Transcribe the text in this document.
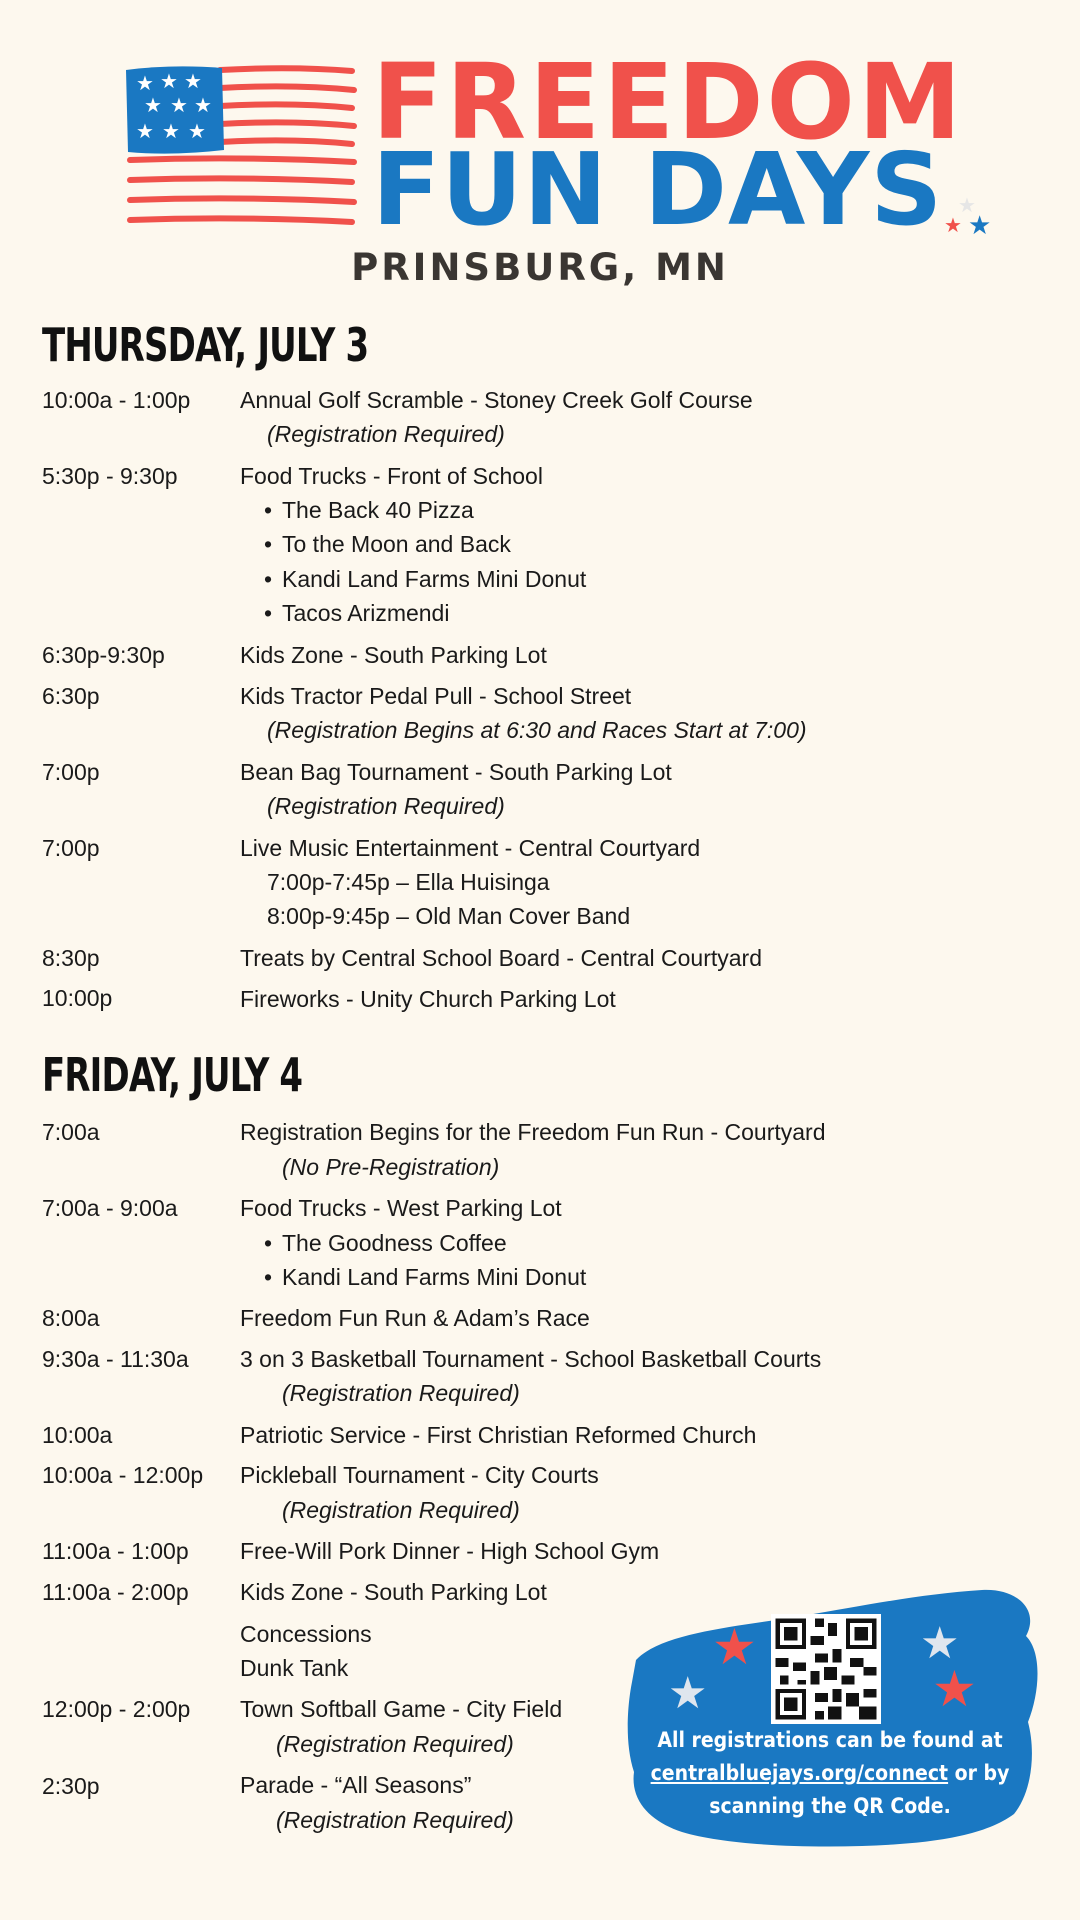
★ ★ ★
★ ★ ★
★ ★ ★ FREEDOM
FUN DAYS ★
★ ★
PRINSBURG, MN
THURSDAY, JULY 3
10:00a - 1:00p Annual Golf Scramble - Stoney Creek Golf Course
(Registration Required)
5:30p - 9:30p	Food Trucks - Front of School
• The Back 40 Pizza
• To the Moon and Back
• Kandi Land Farms Mini Donut
• Tacos Arizmendi
6:30p-9:30p	Kids Zone - South Parking Lot
6:30p	Kids Tractor Pedal Pull - School Street
(Registration Begins at 6:30 and Races Start at 7:00)
7:00p	Bean Bag Tournament - South Parking Lot
(Registration Required)
7:00p	Live Music Entertainment - Central Courtyard
7:00p-7:45p – Ella Huisinga
8:00p-9:45p – Old Man Cover Band
8:30p	Treats by Central School Board - Central Courtyard
10:00p	Fireworks - Unity Church Parking Lot
FRIDAY, JULY 4
7:00a	Registration Begins for the Freedom Fun Run - Courtyard
(No Pre-Registration)
7:00a - 9:00a	Food Trucks - West Parking Lot
• The Goodness Coffee
• Kandi Land Farms Mini Donut
8:00a	Freedom Fun Run & Adam’s Race
9:30a - 11:30a 3 on 3 Basketball Tournament - School Basketball Courts
(Registration Required)
10:00a	Patriotic Service - First Christian Reformed Church
10:00a - 12:00p Pickleball Tournament - City Courts
(Registration Required)
11:00a - 1:00p Free-Will Pork Dinner - High School Gym
11:00a - 2:00p Kids Zone - South Parking Lot
Concessions
Dunk Tank
12:00p - 2:00p Town Softball Game - City Field
(Registration Required)
2:30p	Parade - “All Seasons”
(Registration Required)
★
★
★
★
All registrations can be found at
centralbluejays.org/connect or by
scanning the QR Code.
